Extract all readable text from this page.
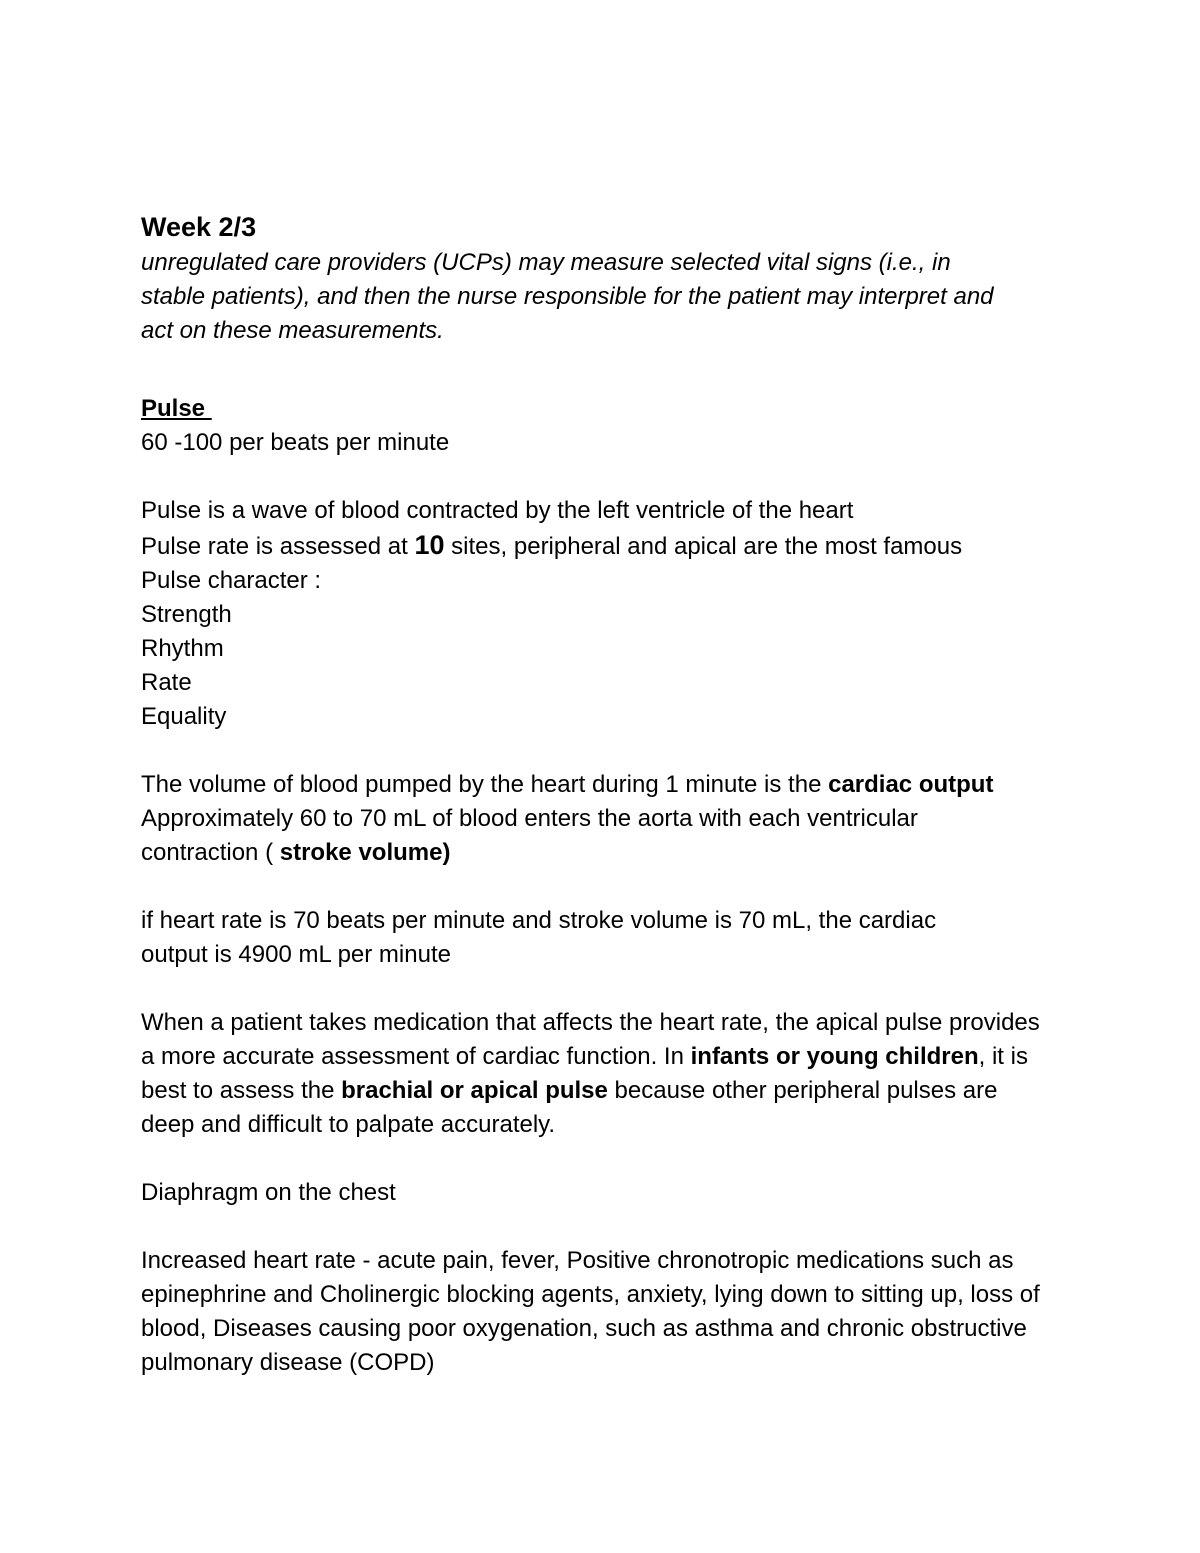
Week 2/3

unregulated care providers (UCPs) may measure selected vital signs (i.e., in stable patients), and then the nurse responsible for the patient may interpret and act on these measurements.

Pulse

60 -100 per beats per minute

Pulse is a wave of blood contracted by the left ventricle of the heart

Pulse rate is assessed at 10 sites, peripheral and apical are the most famous

Pulse character :

Strength

Rhythm

Rate

Equality

The volume of blood pumped by the heart during 1 minute is the cardiac output

Approximately 60 to 70 mL of blood enters the aorta with each ventricular contraction ( stroke volume)

if heart rate is 70 beats per minute and stroke volume is 70 mL, the cardiac output is 4900 mL per minute

When a patient takes medication that affects the heart rate, the apical pulse provides a more accurate assessment of cardiac function. In infants or young children, it is best to assess the brachial or apical pulse because other peripheral pulses are deep and difficult to palpate accurately.

Diaphragm on the chest

Increased heart rate - acute pain, fever, Positive chronotropic medications such as epinephrine and Cholinergic blocking agents, anxiety, lying down to sitting up, loss of blood, Diseases causing poor oxygenation, such as asthma and chronic obstructive pulmonary disease (COPD)
